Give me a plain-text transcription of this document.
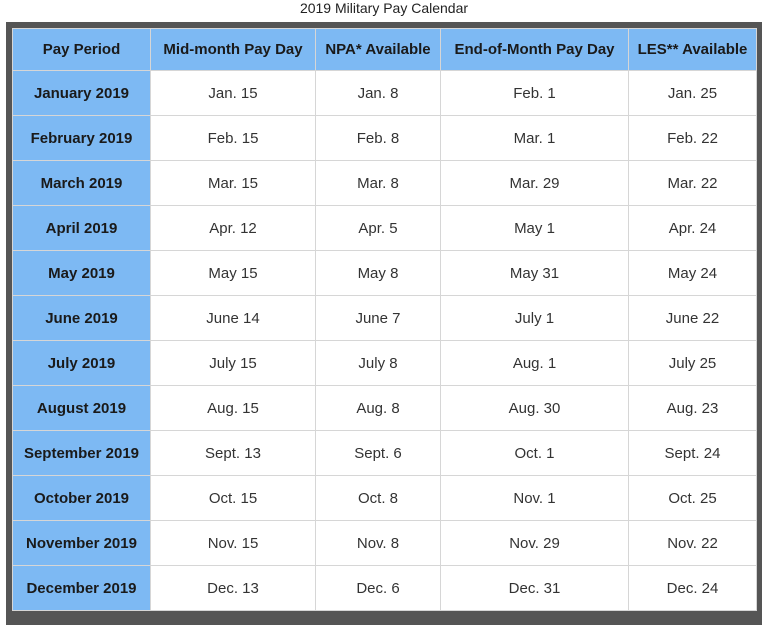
2019 Military Pay Calendar
Pay Period	Mid-month Pay Day	NPA* Available	End-of-Month Pay Day	LES** Available
January 2019	Jan. 15	Jan. 8	Feb. 1	Jan. 25
February 2019	Feb. 15	Feb. 8	Mar. 1	Feb. 22
March 2019	Mar. 15	Mar. 8	Mar. 29	Mar. 22
April 2019	Apr. 12	Apr. 5	May 1	Apr. 24
May 2019	May 15	May 8	May 31	May 24
June 2019	June 14	June 7	July 1	June 22
July 2019	July 15	July 8	Aug. 1	July 25
August 2019	Aug. 15	Aug. 8	Aug. 30	Aug. 23
September 2019	Sept. 13	Sept. 6	Oct. 1	Sept. 24
October 2019	Oct. 15	Oct. 8	Nov. 1	Oct. 25
November 2019	Nov. 15	Nov. 8	Nov. 29	Nov. 22
December 2019	Dec. 13	Dec. 6	Dec. 31	Dec. 24
